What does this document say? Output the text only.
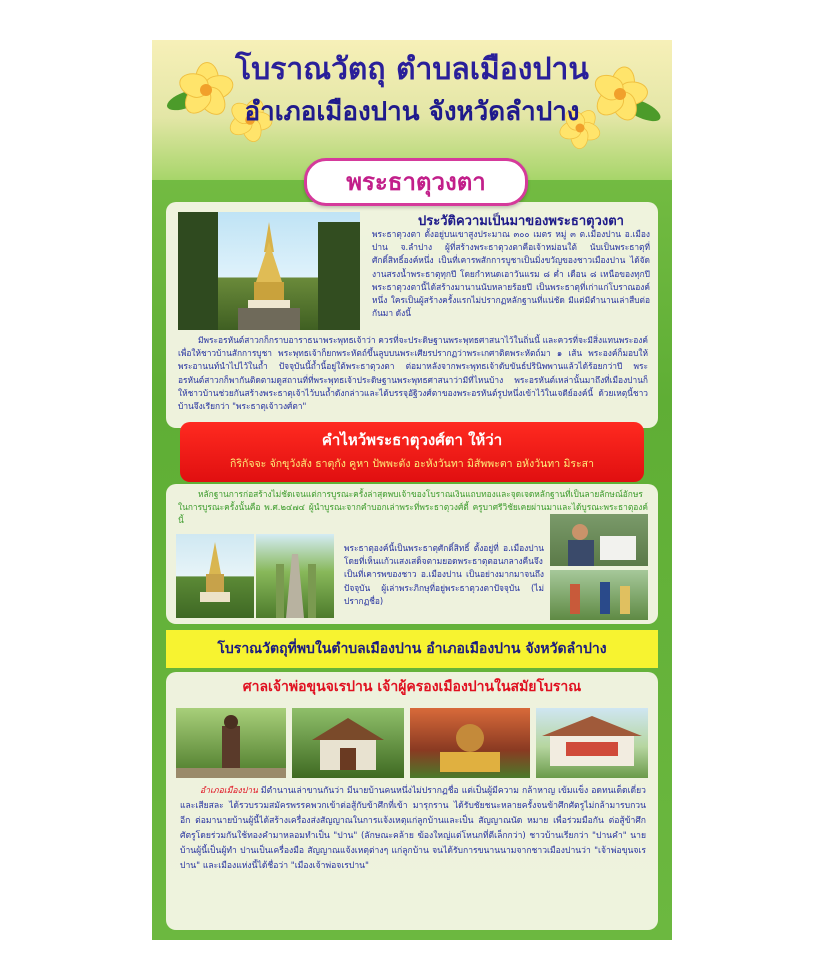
โบราณวัตถุ ตำบลเมืองปาน
อำเภอเมืองปาน จังหวัดลำปาง
ประวัติความเป็นมาของพระธาตุวงตา
พระธาตุวงตา ตั้งอยู่บนเขาสูงประมาณ ๓๐๐ เมตร หมู่ ๓ ต.เมืองปาน อ.เมืองปาน จ.ลำปาง ผู้ที่สร้างพระธาตุวงตาคือเจ้าหม่อนใต้ นับเป็นพระธาตุที่ศักดิ์สิทธิ์องค์หนึ่ง เป็นที่เคารพสักการบูชาเป็นมิ่งขวัญของชาวเมืองปาน ได้จัดงานสรงน้ำพระธาตุทุกปี โดยกำหนดเอาวันแรม ๘ ค่ำ เดือน ๘ เหนือของทุกปี พระธาตุวงตานี้ได้สร้างมานานนับหลายร้อยปี เป็นพระธาตุที่เก่าแก่โบราณองค์หนึ่ง ใครเป็นผู้สร้างครั้งแรกไม่ปรากฏหลักฐานที่แน่ชัด มีแต่มีตำนานเล่าสืบต่อกันมา ดังนี้
มีพระอรหันต์สาวกก็กราบอาราธนาพระพุทธเจ้าว่า ควรที่จะประดิษฐานพระพุทธศาสนาไว้ในถิ่นนี้ และควรที่จะมีสิ่งแทนพระองค์เพื่อให้ชาวบ้านสักการบูชา พระพุทธเจ้าก็ยกพระหัตถ์ขึ้นลูบบนพระเศียรปรากฏว่าพระเกศาติดพระหัตถ์มา ๑ เส้น พระองค์ก็มอบให้พระอานนท์นำไปไว้ในถ้ำ ปัจจุบันนี้ถ้ำนี้อยู่ใต้พระธาตุวงตา ต่อมาหลังจากพระพุทธเจ้าดับขันธ์ปรินิพพานแล้วได้ร้อยกว่าปี พระอรหันต์สาวกก็พากันติดตามดูสถานที่ที่พระพุทธเจ้าประดิษฐานพระพุทธศาสนาว่ามีที่ไหนบ้าง พระอรหันต์เหล่านั้นมาถึงที่เมืองปานก็ให้ชาวบ้านช่วยกันสร้างพระธาตุเจ้าไว้บนถ้ำดังกล่าวและได้บรรจุอัฐิวงศ์ตาของพระอรหันต์รูปหนึ่งเข้าไว้ในเจดีย์องค์นี้ ด้วยเหตุนี้ชาวบ้านจึงเรียกว่า "พระธาตุเจ้าวงศ์ตา"
พระธาตุวงตา
คำไหว้พระธาตุวงศ์ตา ให้ว่า
กิริกัจจะ จักขุวังสัง ธาตุกัง คูหา ปัพพะตัง อะหังวันทา มิสัพพะตา อหังวันทา มิระสา
หลักฐานการก่อสร้างไม่ชัดเจนแต่การบูรณะครั้งล่าสุดพบเจ้าของโบราณเงินแถบทองและจุดเจดหลักฐานที่เป็นลายลักษณ์อักษรในการบูรณะครั้งนั้นคือ พ.ศ.๒๔๗๔ ผู้นำบูรณะจากคำบอกเล่าพระที่พระธาตุวงศ์ตี้ ครูบาศรีวิชัยเคยผ่านมาและได้บูรณะพระธาตุองค์นี้
พระธาตุองค์นี้เป็นพระธาตุศักดิ์สิทธิ์ ตั้งอยู่ที่ อ.เมืองปาน โดยที่เห็นแก้วแสงเสด็จตามยอดพระธาตุตอนกลางคืนจึงเป็นที่เคารพของชาว อ.เมืองปาน เป็นอย่างมากมาจนถึงปัจจุบัน ผู้เล่าพระภิกษุที่อยู่พระธาตุวงตาปัจจุบัน (ไม่ปรากฏชื่อ)
โบราณวัตถุที่พบในตำบลเมืองปาน อำเภอเมืองปาน จังหวัดลำปาง
ศาลเจ้าพ่อขุนจเรปาน เจ้าผู้ครองเมืองปานในสมัยโบราณ
อำเภอเมืองปาน มีตำนานเล่าขานกันว่า มีนายบ้านคนหนึ่งไม่ปรากฏชื่อ แต่เป็นผู้มีความ กล้าหาญ เข้มแข็ง อดทนเด็ดเดี่ยวและเสียสละ ได้รวบรวมสมัครพรรคพวกเข้าต่อสู้กับข้าศึกที่เข้า มารุกราน ได้รับชัยชนะหลายครั้งจนข้าศึกศัตรูไม่กล้ามารบกวนอีก ต่อมานายบ้านผู้นี้ได้สร้างเครื่องส่งสัญญาณในการแจ้งเหตุแก่ลูกบ้านและเป็น สัญญาณนัด หมาย เพื่อร่วมมือกัน ต่อสู้ข้าศึกศัตรูโดยร่วมกันใช้ทองคำมาหลอมทำเป็น "ปาน" (ลักษณะคล้าย ฆ้องใหญ่แต่โหนกที่ตีเล็กกว่า) ชาวบ้านเรียกว่า "ปานคำ" นายบ้านผู้นี้เป็นผู้ทำ ปานเป็นเครื่องมือ สัญญาณแจ้งเหตุต่างๆ แก่ลูกบ้าน จนได้รับการขนานนามจากชาวเมืองปานว่า "เจ้าพ่อขุนจเรปาน" และเมืองแห่งนี้ได้ชื่อว่า "เมืองเจ้าพ่อจเรปาน"
